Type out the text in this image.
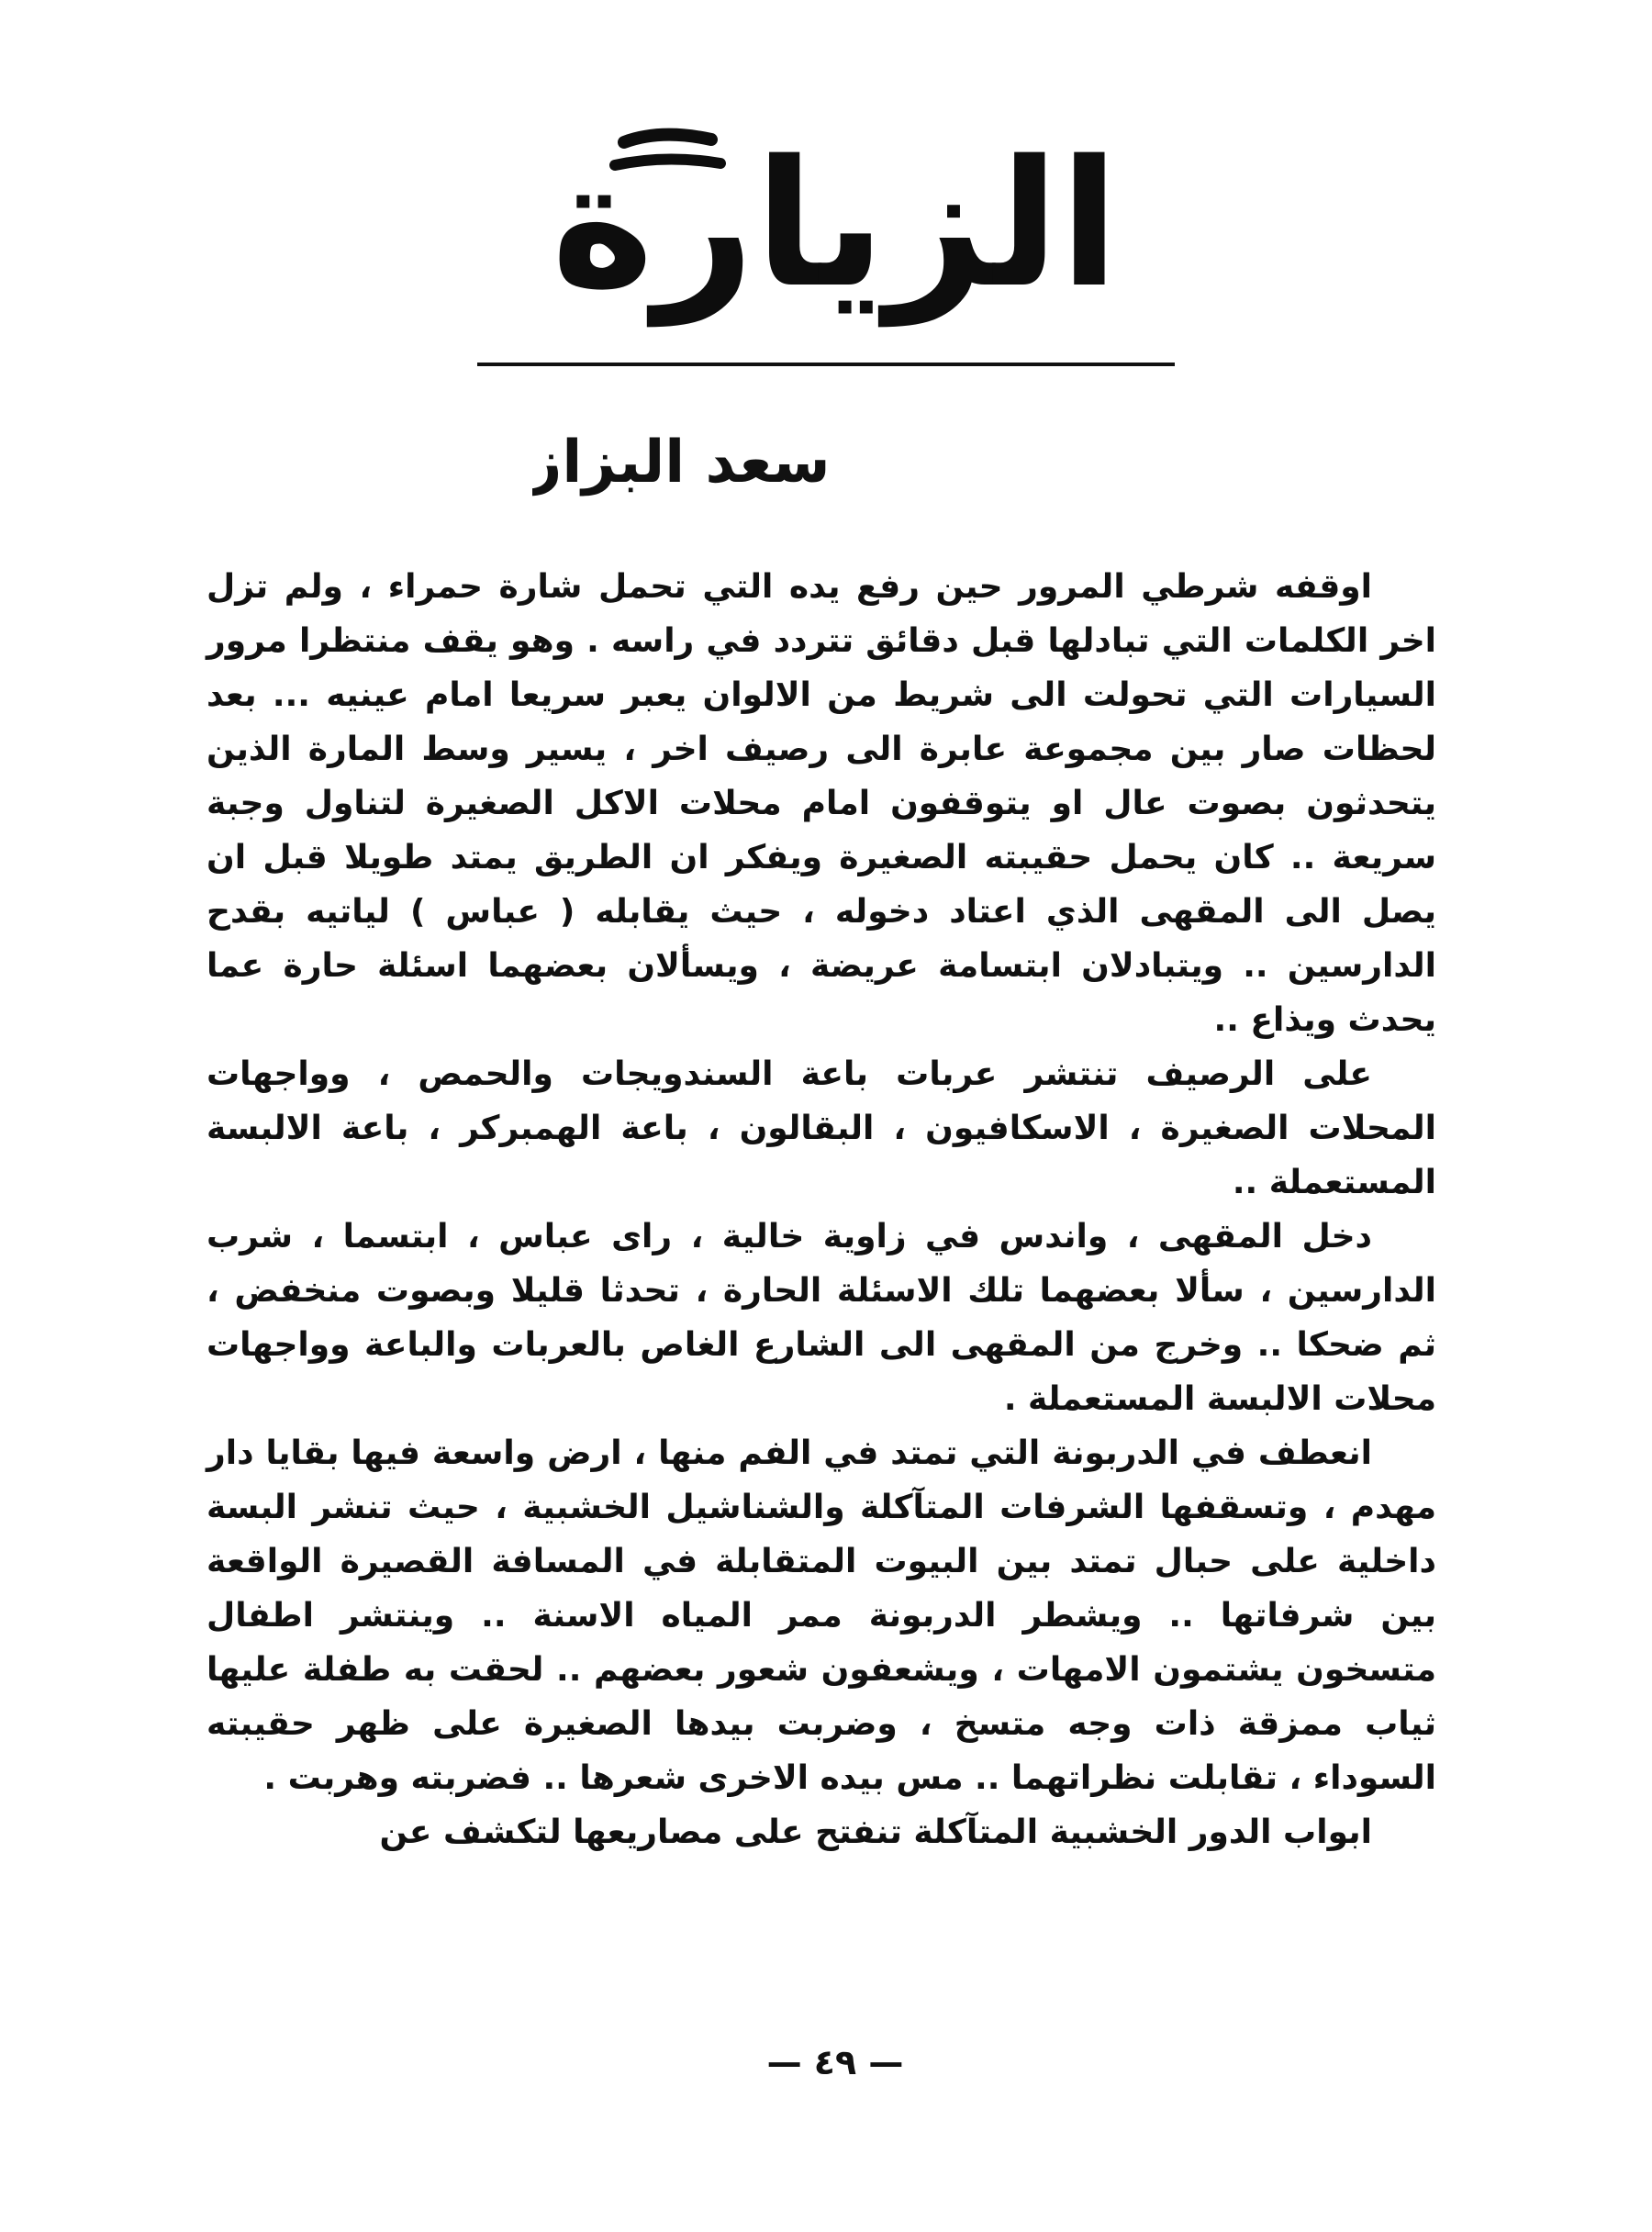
الزيارة
سعد البزاز

اوقفه شرطي المرور حين رفع يده التي تحمل شارة حمراء ، ولم تزل اخر الكلمات التي تبادلها قبل دقائق تتردد في راسه . وهو يقف منتظرا مرور السيارات التي تحولت الى شريط من الالوان يعبر سريعا امام عينيه ... بعد لحظات صار بين مجموعة عابرة الى رصيف اخر ، يسير وسط المارة الذين يتحدثون بصوت عال او يتوقفون امام محلات الاكل الصغيرة لتناول وجبة سريعة .. كان يحمل حقيبته الصغيرة ويفكر ان الطريق يمتد طويلا قبل ان يصل الى المقهى الذي اعتاد دخوله ، حيث يقابله ( عباس ) لياتيه بقدح الدارسين .. ويتبادلان ابتسامة عريضة ، ويسألان بعضهما اسئلة حارة عما يحدث ويذاع ..

على الرصيف تنتشر عربات باعة السندويجات والحمص ، وواجهات المحلات الصغيرة ، الاسكافيون ، البقالون ، باعة الهمبركر ، باعة الالبسة المستعملة ..

دخل المقهى ، واندس في زاوية خالية ، راى عباس ، ابتسما ، شرب الدارسين ، سألا بعضهما تلك الاسئلة الحارة ، تحدثا قليلا وبصوت منخفض ، ثم ضحكا .. وخرج من المقهى الى الشارع الغاص بالعربات والباعة وواجهات محلات الالبسة المستعملة .

انعطف في الدربونة التي تمتد في الفم منها ، ارض واسعة فيها بقايا دار مهدم ، وتسقفها الشرفات المتآكلة والشناشيل الخشبية ، حيث تنشر البسة داخلية على حبال تمتد بين البيوت المتقابلة في المسافة القصيرة الواقعة بين شرفاتها .. ويشطر الدربونة ممر المياه الاسنة .. وينتشر اطفال متسخون يشتمون الامهات ، ويشعفون شعور بعضهم .. لحقت به طفلة عليها ثياب ممزقة ذات وجه متسخ ، وضربت بيدها الصغيرة على ظهر حقيبته السوداء ، تقابلت نظراتهما .. مس بيده الاخرى شعرها .. فضربته وهربت .

ابواب الدور الخشبية المتآكلة تنفتح على مصاريعها لتكشف عن

— ٤٩ —
